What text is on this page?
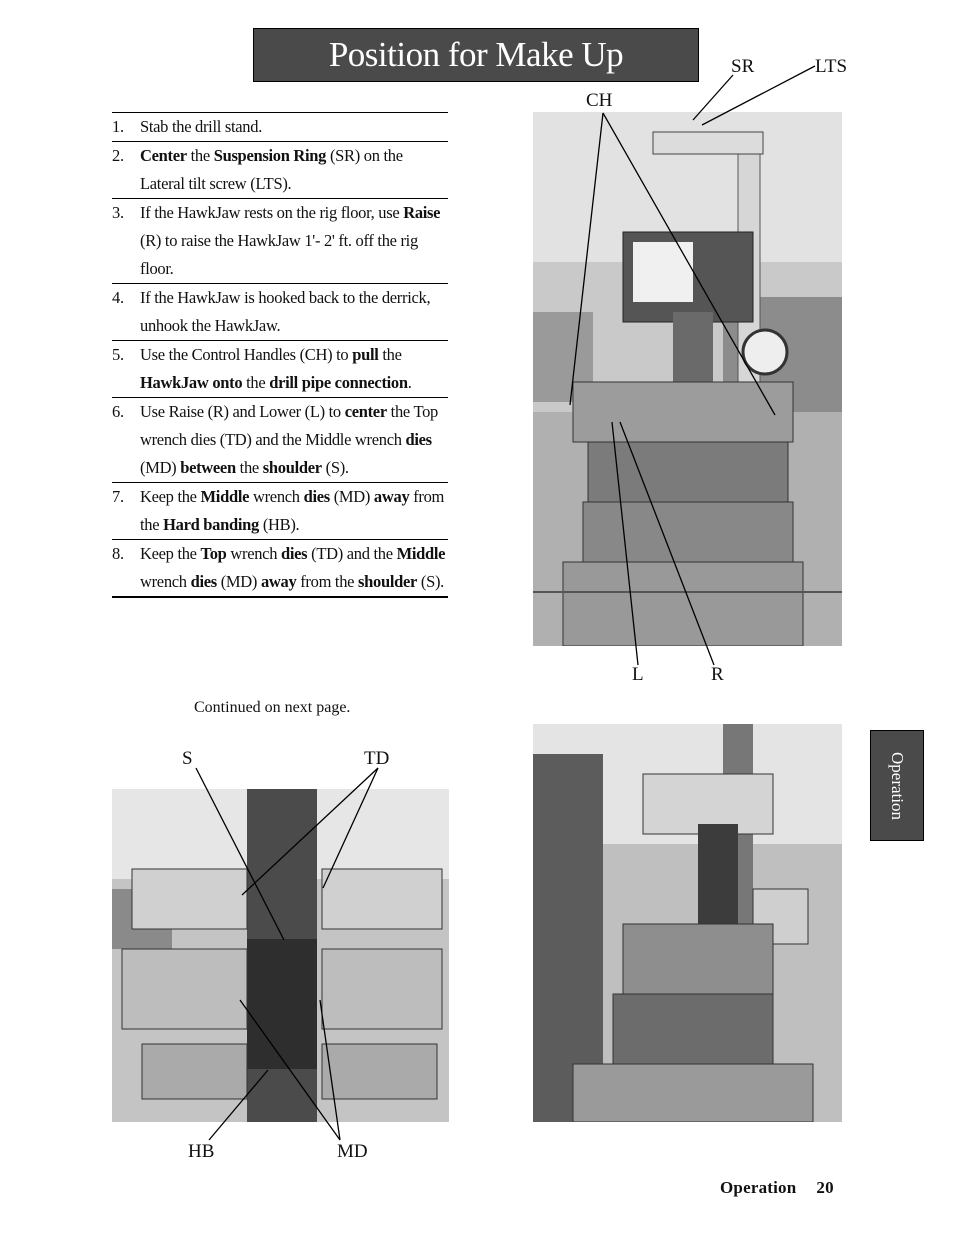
Position for Make Up
1. Stab the drill stand.
2. Center the Suspension Ring (SR) on the Lateral tilt screw (LTS).
3. If the HawkJaw rests on the rig floor, use Raise (R) to raise the HawkJaw 1'- 2' ft. off the rig floor.
4. If the HawkJaw is hooked back to the derrick, unhook the HawkJaw.
5. Use the Control Handles (CH) to pull the HawkJaw onto the drill pipe connection.
6. Use Raise (R) and Lower (L) to center the Top wrench dies (TD) and the Middle wrench dies (MD) between the shoulder (S).
7. Keep the Middle wrench dies (MD) away from the Hard banding (HB).
8. Keep the Top wrench dies (TD) and the Middle wrench dies (MD) away from the shoulder (S).
Continued on next page.
SR	LTS
CH
L	R
S	TD
HB	MD
Operation
Operation 20
